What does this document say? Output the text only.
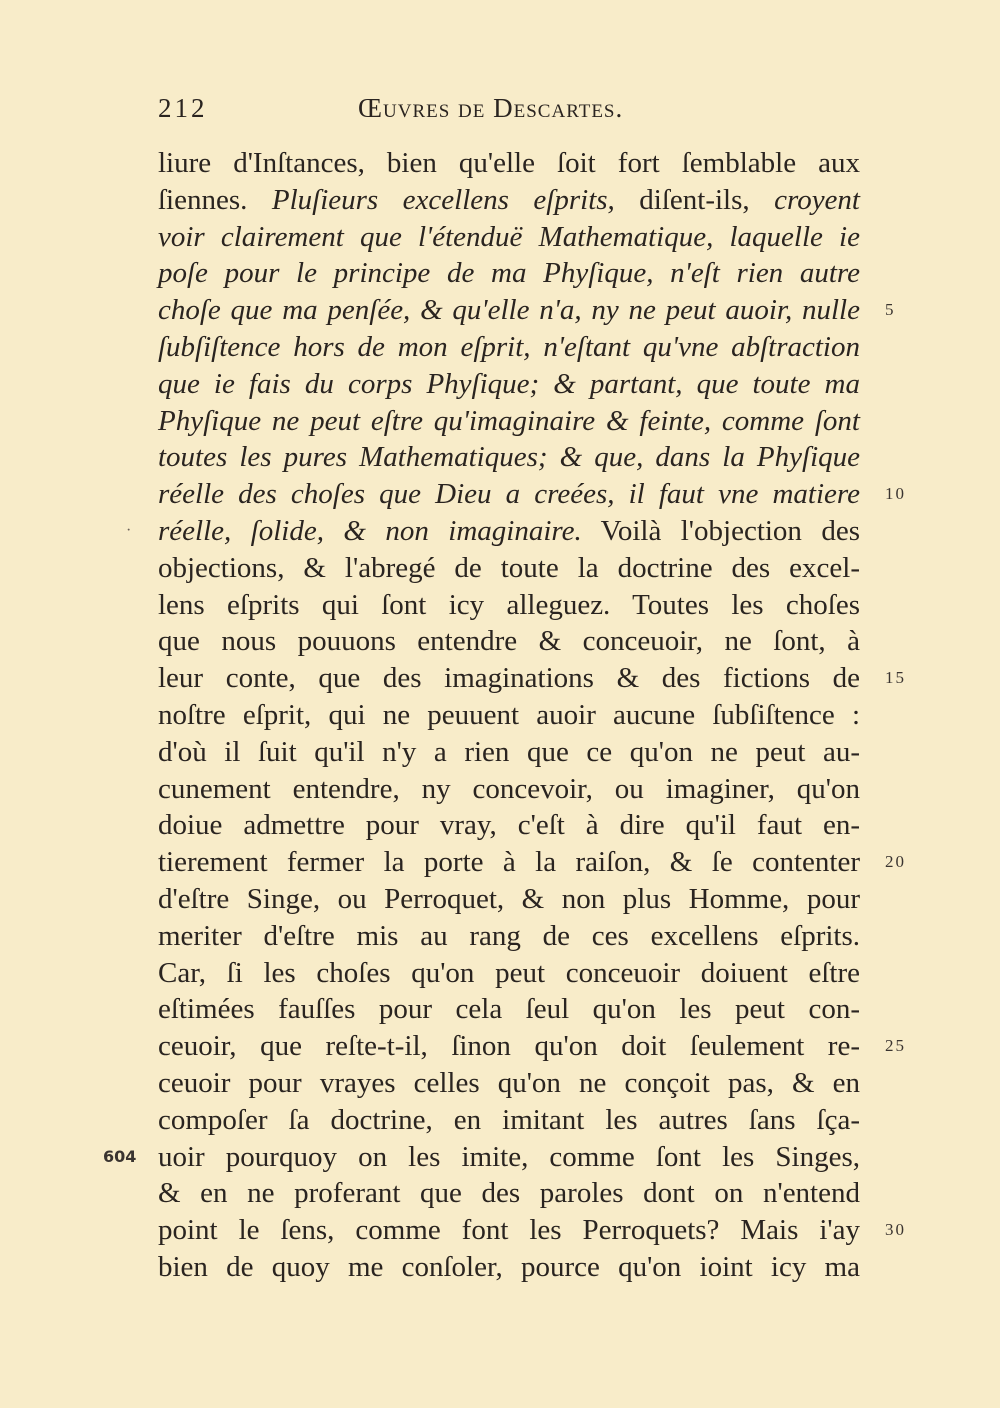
212	Œuvres de Descartes.
liure d'Inſtances, bien qu'elle ſoit fort ſemblable aux
ſiennes. Pluſieurs excellens eſprits, diſent-ils, croyent
voir clairement que l'étenduë Mathematique, laquelle ie
poſe pour le principe de ma Phyſique, n'eſt rien autre
choſe que ma penſée, & qu'elle n'a, ny ne peut auoir, nulle 5
ſubſiſtence hors de mon eſprit, n'eſtant qu'vne abſtraction
que ie fais du corps Phyſique; & partant, que toute ma
Phyſique ne peut eſtre qu'imaginaire & feinte, comme ſont
toutes les pures Mathematiques; & que, dans la Phyſique
réelle des choſes que Dieu a creées, il faut vne matiere 10
réelle, ſolide, & non imaginaire. Voilà l'objection des
·
objections, & l'abregé de toute la doctrine des excel-
lens eſprits qui ſont icy alleguez. Toutes les choſes
que nous pouuons entendre & conceuoir, ne ſont, à
leur conte, que des imaginations & des fictions de 15
noſtre eſprit, qui ne peuuent auoir aucune ſubſiſtence :
d'où il ſuit qu'il n'y a rien que ce qu'on ne peut au-
cunement entendre, ny concevoir, ou imaginer, qu'on
doiue admettre pour vray, c'eſt à dire qu'il faut en-
tierement fermer la porte à la raiſon, & ſe contenter 20
d'eſtre Singe, ou Perroquet, & non plus Homme, pour
meriter d'eſtre mis au rang de ces excellens eſprits.
Car, ſi les choſes qu'on peut conceuoir doiuent eſtre
eſtimées fauſſes pour cela ſeul qu'on les peut con-
ceuoir, que reſte-t-il, ſinon qu'on doit ſeulement re- 25
ceuoir pour vrayes celles qu'on ne conçoit pas, & en
compoſer ſa doctrine, en imitant les autres ſans ſça-
uoir pourquoy on les imite, comme ſont les Singes,
604
& en ne proferant que des paroles dont on n'entend
point le ſens, comme font les Perroquets? Mais i'ay 30
bien de quoy me conſoler, pource qu'on ioint icy ma
